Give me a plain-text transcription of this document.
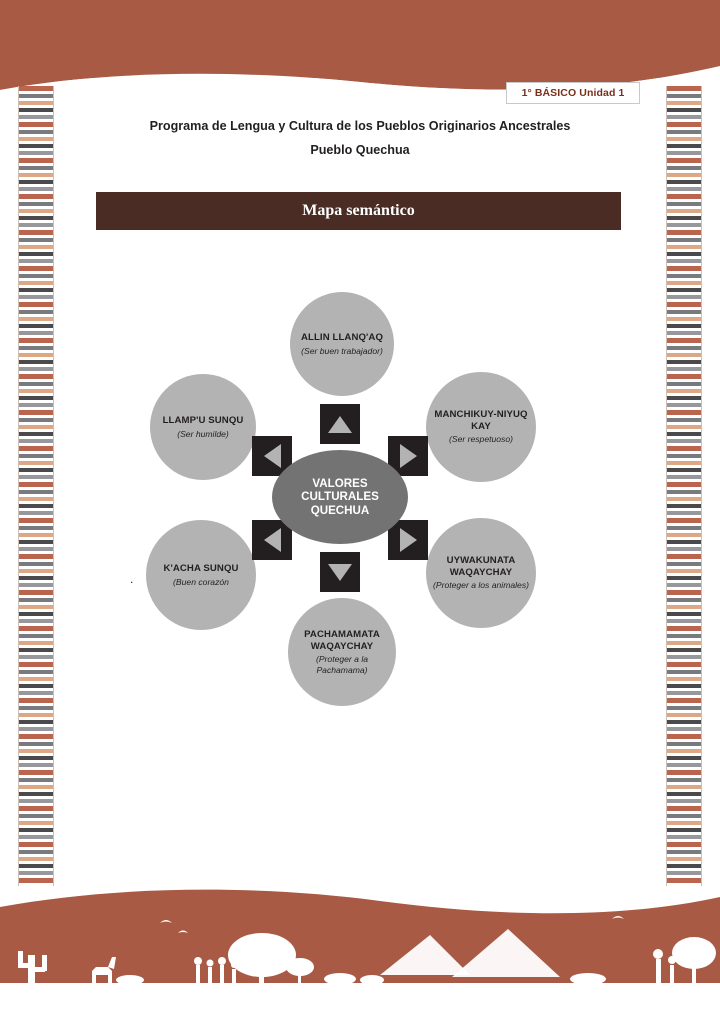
1° BÁSICO Unidad 1
Programa de Lengua y Cultura de los Pueblos Originarios Ancestrales
Pueblo Quechua
Mapa semántico
VALORES CULTURALES QUECHUA
ALLIN LLANQ'AQ
(Ser buen trabajador)
MANCHIKUY-NIYUQ KAY
(Ser respetuoso)
UYWAKUNATA WAQAYCHAY
(Proteger a los animales)
PACHAMAMATA WAQAYCHAY
(Proteger a la Pachamama)
K'ACHA SUNQU
(Buen corazón
LLAMP'U SUNQU
(Ser humilde)
.
